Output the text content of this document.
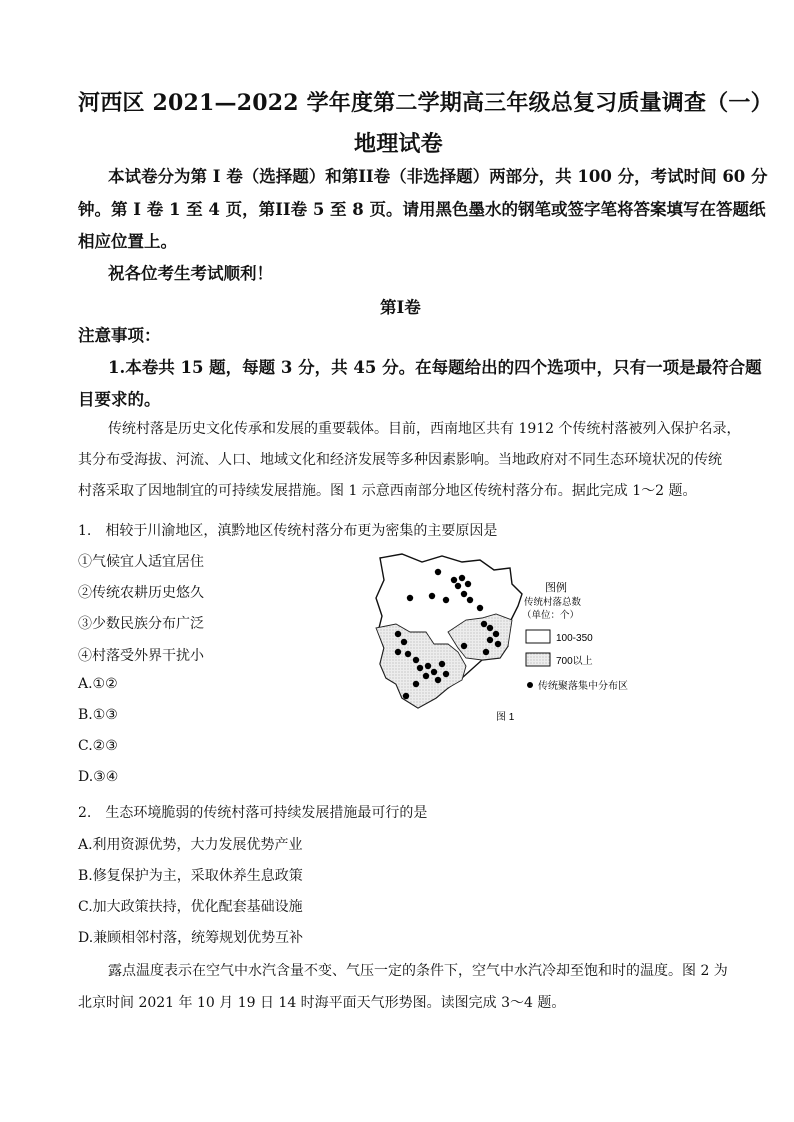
河西区 2021—2022 学年度第二学期高三年级总复习质量调查（一）
地理试卷
本试卷分为第 I 卷（选择题）和第II卷（非选择题）两部分，共 100 分，考试时间 60 分
钟。第 I 卷 1 至 4 页，第II卷 5 至 8 页。请用黑色墨水的钢笔或签字笔将答案填写在答题纸
相应位置上。
祝各位考生考试顺利！
第I卷
注意事项：
1.本卷共 15 题，每题 3 分，共 45 分。在每题给出的四个选项中，只有一项是最符合题
目要求的。
传统村落是历史文化传承和发展的重要载体。目前，西南地区共有 1912 个传统村落被列入保护名录，
其分布受海拔、河流、人口、地域文化和经济发展等多种因素影响。当地政府对不同生态环境状况的传统
村落采取了因地制宜的可持续发展措施。图 1 示意西南部分地区传统村落分布。据此完成 1～2 题。
1.　相较于川渝地区，滇黔地区传统村落分布更为密集的主要原因是
①气候宜人适宜居住
②传统农耕历史悠久
③少数民族分布广泛
④村落受外界干扰小
A.①②
B.①③
C.②③
D.③④
图例
传统村落总数
（单位：个）
100-350
700以上
传统聚落集中分布区
图 1
2.　生态环境脆弱的传统村落可持续发展措施最可行的是
A.利用资源优势，大力发展优势产业
B.修复保护为主，采取休养生息政策
C.加大政策扶持，优化配套基础设施
D.兼顾相邻村落，统筹规划优势互补
露点温度表示在空气中水汽含量不变、气压一定的条件下，空气中水汽冷却至饱和时的温度。图 2 为
北京时间 2021 年 10 月 19 日 14 时海平面天气形势图。读图完成 3～4 题。
